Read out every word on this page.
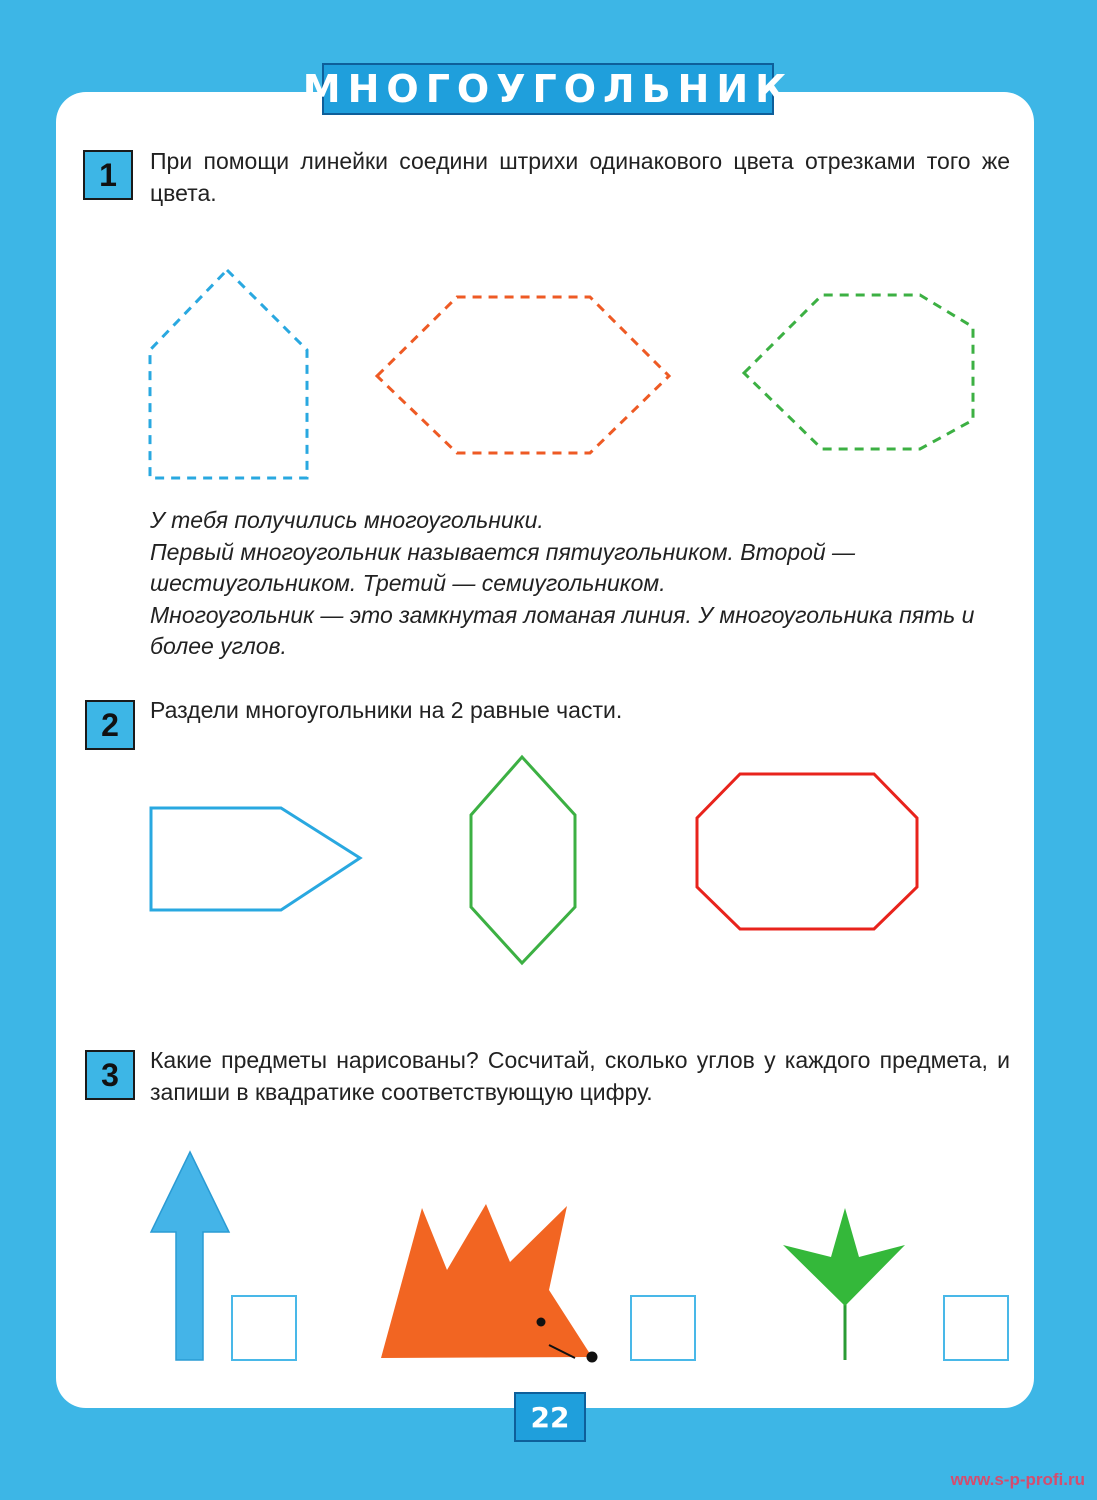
МНОГОУГОЛЬНИК
1	При помощи линейки соедини штрихи одинакового цвета отрезками того же цвета.

У тебя получились многоугольники.

Первый многоугольник называется пятиугольником. Второй — шестиугольником. Третий — семиугольником.

Многоугольник — это замкнутая ломаная линия. У многоугольника пять и более углов.

2	Раздели многоугольники на 2 равные части.
3	Какие предметы нарисованы? Сосчитай, сколько углов у каждого предмета, и запиши в квадратике соответствующую цифру.
22
www.s-p-profi.ru
